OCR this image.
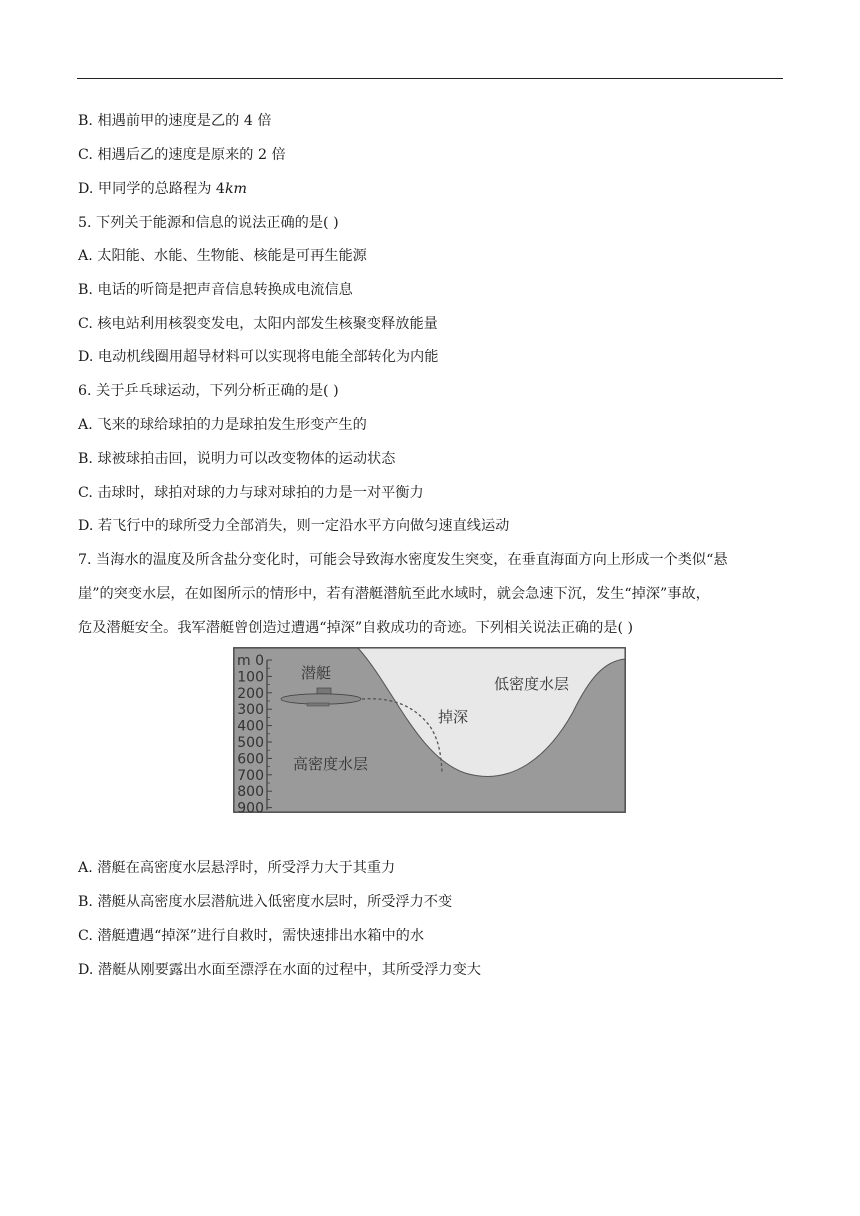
B. 相遇前甲的速度是乙的 4 倍
C. 相遇后乙的速度是原来的 2 倍
D. 甲同学的总路程为 4km
5. 下列关于能源和信息的说法正确的是( )
A. 太阳能、水能、生物能、核能是可再生能源
B. 电话的听筒是把声音信息转换成电流信息
C. 核电站利用核裂变发电，太阳内部发生核聚变释放能量
D. 电动机线圈用超导材料可以实现将电能全部转化为内能
6. 关于乒乓球运动，下列分析正确的是( )
A. 飞来的球给球拍的力是球拍发生形变产生的
B. 球被球拍击回，说明力可以改变物体的运动状态
C. 击球时，球拍对球的力与球对球拍的力是一对平衡力
D. 若飞行中的球所受力全部消失，则一定沿水平方向做匀速直线运动
7. 当海水的温度及所含盐分变化时，可能会导致海水密度发生突变，在垂直海面方向上形成一个类似“悬
崖”的突变水层，在如图所示的情形中，若有潜艇潜航至此水域时，就会急速下沉，发生“掉深”事故，
危及潜艇安全。我军潜艇曾创造过遭遇“掉深”自救成功的奇迹。下列相关说法正确的是( )
0
100
200
300
400
500
600
700
800
900
m
潜艇
低密度水层
掉深
高密度水层
A. 潜艇在高密度水层悬浮时，所受浮力大于其重力
B. 潜艇从高密度水层潜航进入低密度水层时，所受浮力不变
C. 潜艇遭遇“掉深”进行自救时，需快速排出水箱中的水
D. 潜艇从刚要露出水面至漂浮在水面的过程中，其所受浮力变大
